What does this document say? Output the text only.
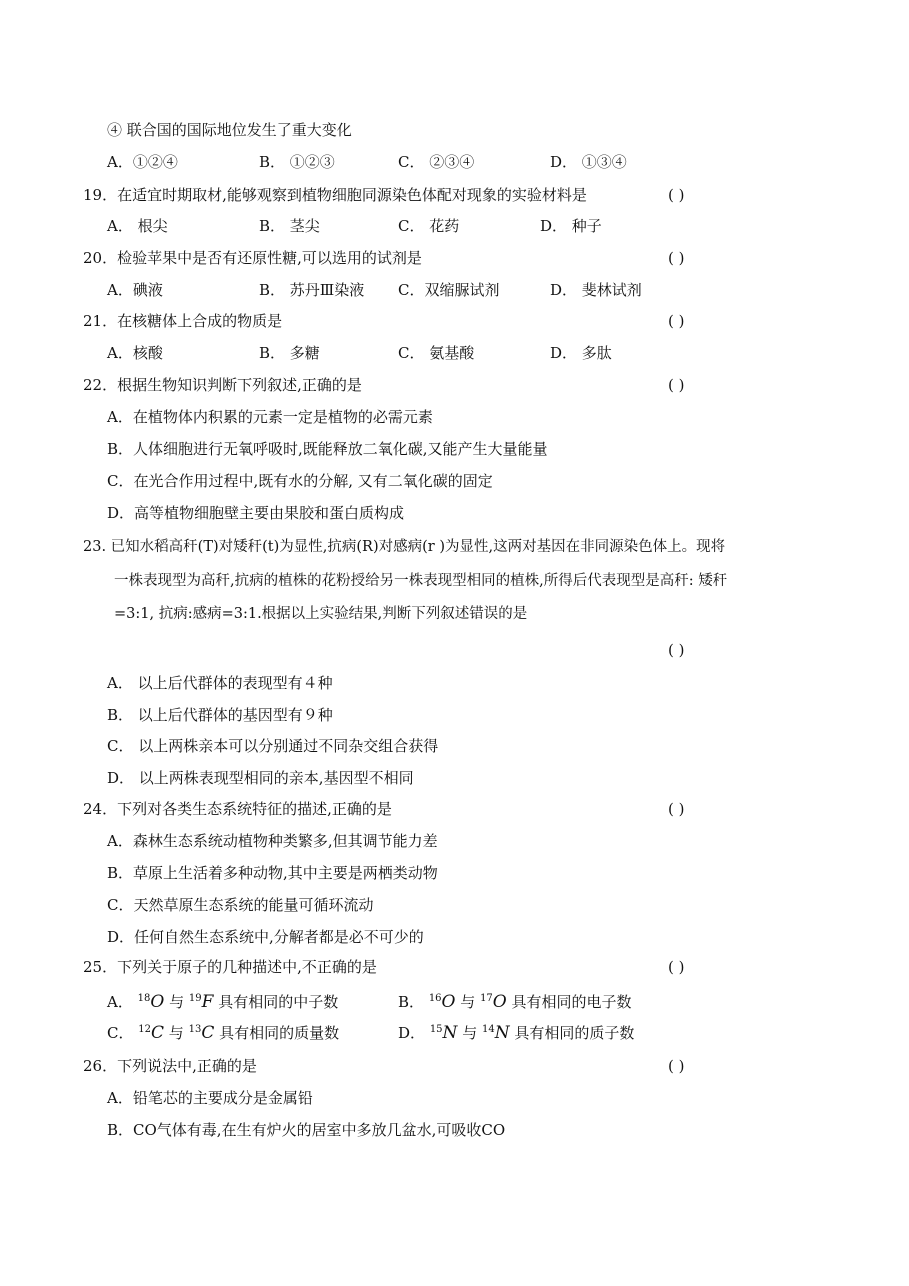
④ 联合国的国际地位发生了重大变化
A．①②④	B． ①②③	C． ②③④	D． ①③④
19．在适宜时期取材,能够观察到植物细胞同源染色体配对现象的实验材料是	( )
A． 根尖	B． 茎尖	C． 花药	D． 种子
20．检验苹果中是否有还原性糖,可以选用的试剂是	( )
A．碘液	B． 苏丹Ⅲ染液 C．双缩脲试剂	D． 斐林试剂
21．在核糖体上合成的物质是	( )
A．核酸	B． 多糖	C． 氨基酸	D． 多肽
22．根据生物知识判断下列叙述,正确的是	( )
A．在植物体内积累的元素一定是植物的必需元素
B．人体细胞进行无氧呼吸时,既能释放二氧化碳,又能产生大量能量
C．在光合作用过程中,既有水的分解, 又有二氧化碳的固定
D．高等植物细胞壁主要由果胶和蛋白质构成
23. 已知水稻高秆(T)对矮秆(t)为显性,抗病(R)对感病(r )为显性,这两对基因在非同源染色体上。现将
一株表现型为高秆,抗病的植株的花粉授给另一株表现型相同的植株,所得后代表现型是高秆: 矮秆
=3:1, 抗病:感病=3:1.根据以上实验结果,判断下列叙述错误的是
( )
A． 以上后代群体的表现型有４种
B． 以上后代群体的基因型有９种
C． 以上两株亲本可以分别通过不同杂交组合获得
D． 以上两株表现型相同的亲本,基因型不相同
24．下列对各类生态系统特征的描述,正确的是	( )
A．森林生态系统动植物种类繁多,但其调节能力差
B．草原上生活着多种动物,其中主要是两栖类动物
C．天然草原生态系统的能量可循环流动
D．任何自然生态系统中,分解者都是必不可少的
25．下列关于原子的几种描述中,不正确的是	( )
A． $^{18}$O 与 $^{19}$F 具有相同的中子数	B． $^{16}$O 与 $^{17}$O 具有相同的电子数
C． $^{12}$C 与 $^{13}$C 具有相同的质量数	D． $^{15}$N 与 $^{14}$N 具有相同的质子数
26．下列说法中,正确的是	( )
A．铅笔芯的主要成分是金属铅
B．CO气体有毒,在生有炉火的居室中多放几盆水,可吸收CO
